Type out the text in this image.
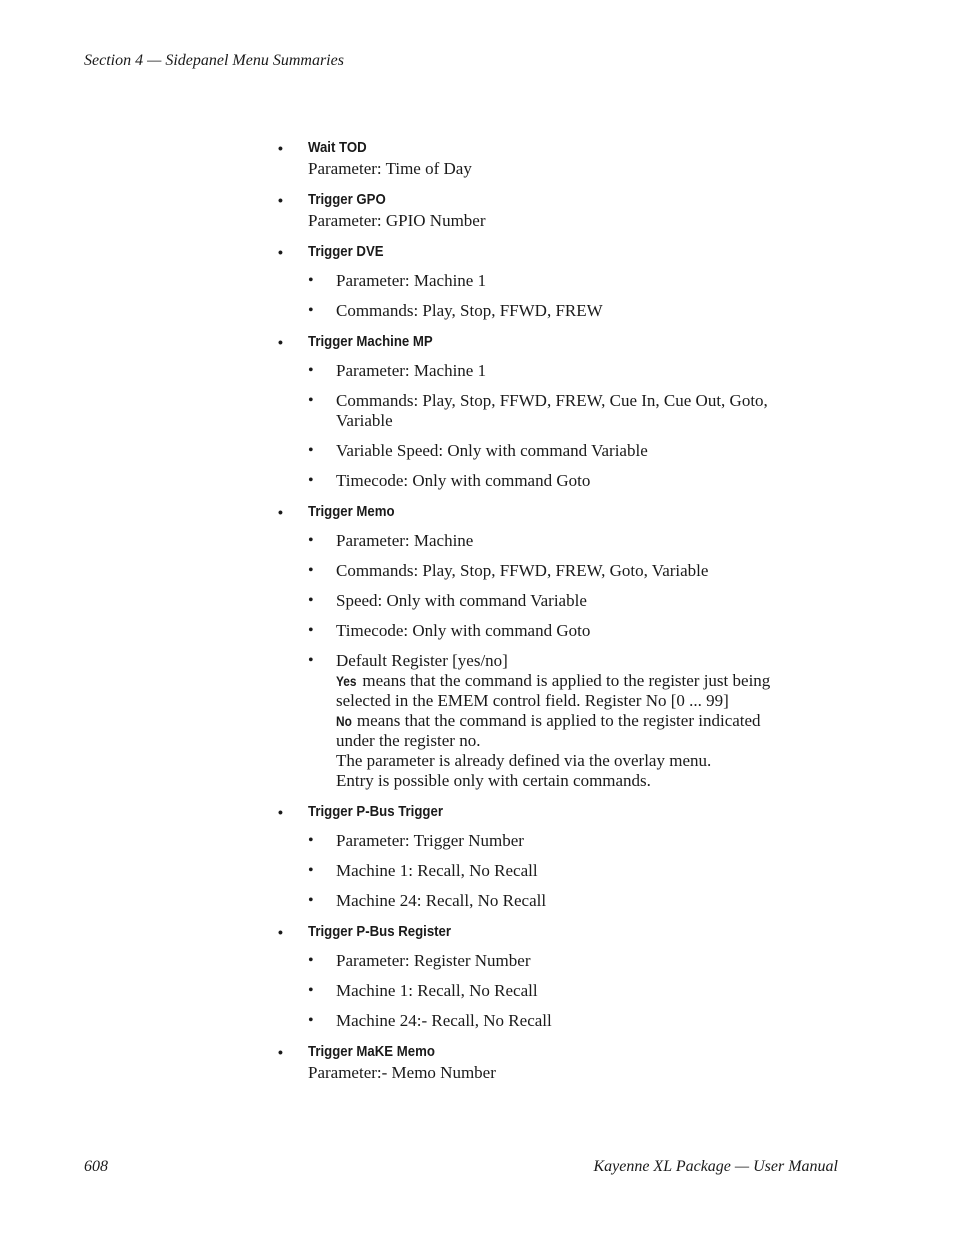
Section 4 — Sidepanel Menu Summaries
• Wait TOD
Parameter: Time of Day
• Trigger GPO
Parameter: GPIO Number
• Trigger DVE
• Parameter: Machine 1
• Commands: Play, Stop, FFWD, FREW
• Trigger Machine MP
• Parameter: Machine 1
• Commands: Play, Stop, FFWD, FREW, Cue In, Cue Out, Goto, Variable
• Variable Speed: Only with command Variable
• Timecode: Only with command Goto
• Trigger Memo
• Parameter: Machine
• Commands: Play, Stop, FFWD, FREW, Goto, Variable
• Speed: Only with command Variable
• Timecode: Only with command Goto
• Default Register [yes/no]
Yes means that the command is applied to the register just being
selected in the EMEM control field. Register No [0 ... 99]
No means that the command is applied to the register indicated
under the register no.
The parameter is already defined via the overlay menu.
Entry is possible only with certain commands.
• Trigger P-Bus Trigger
• Parameter: Trigger Number
• Machine 1: Recall, No Recall
• Machine 24: Recall, No Recall
• Trigger P-Bus Register
• Parameter: Register Number
• Machine 1: Recall, No Recall
• Machine 24:- Recall, No Recall
• Trigger MaKE Memo
Parameter:- Memo Number
608	Kayenne XL Package — User Manual
